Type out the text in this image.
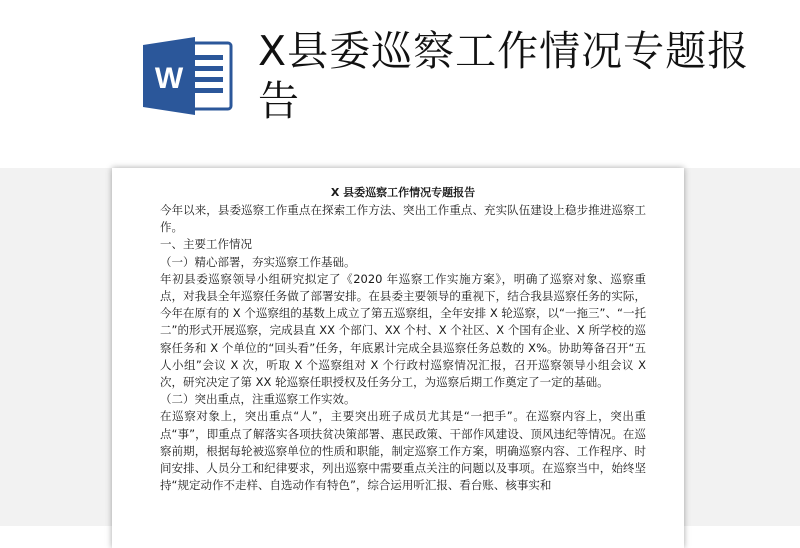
W
X县委巡察工作情况专题报告
X 县委巡察工作情况专题报告

今年以来，县委巡察工作重点在探索工作方法、突出工作重点、充实队伍建设上稳步推进巡察工作。

一、主要工作情况

（一）精心部署，夯实巡察工作基础。

年初县委巡察领导小组研究拟定了《2020 年巡察工作实施方案》，明确了巡察对象、巡察重点，对我县全年巡察任务做了部署安排。在县委主要领导的重视下，结合我县巡察任务的实际，今年在原有的 X 个巡察组的基数上成立了第五巡察组，全年安排 X 轮巡察，以“一拖三”、“一托二”的形式开展巡察，完成县直 XX 个部门、XX 个村、X 个社区、X 个国有企业、X 所学校的巡察任务和 X 个单位的“回头看”任务，年底累计完成全县巡察任务总数的 X%。协助筹备召开“五人小组”会议 X 次，听取 X 个巡察组对 X 个行政村巡察情况汇报，召开巡察领导小组会议 X 次，研究决定了第 XX 轮巡察任职授权及任务分工，为巡察后期工作奠定了一定的基础。

（二）突出重点，注重巡察工作实效。

在巡察对象上，突出重点“人”，主要突出班子成员尤其是“一把手”。在巡察内容上，突出重点“事”，即重点了解落实各项扶贫决策部署、惠民政策、干部作风建设、顶风违纪等情况。在巡察前期，根据每轮被巡察单位的性质和职能，制定巡察工作方案，明确巡察内容、工作程序、时间安排、人员分工和纪律要求，列出巡察中需要重点关注的问题以及事项。在巡察当中，始终坚持“规定动作不走样、自选动作有特色”，综合运用听汇报、看台账、核事实和
